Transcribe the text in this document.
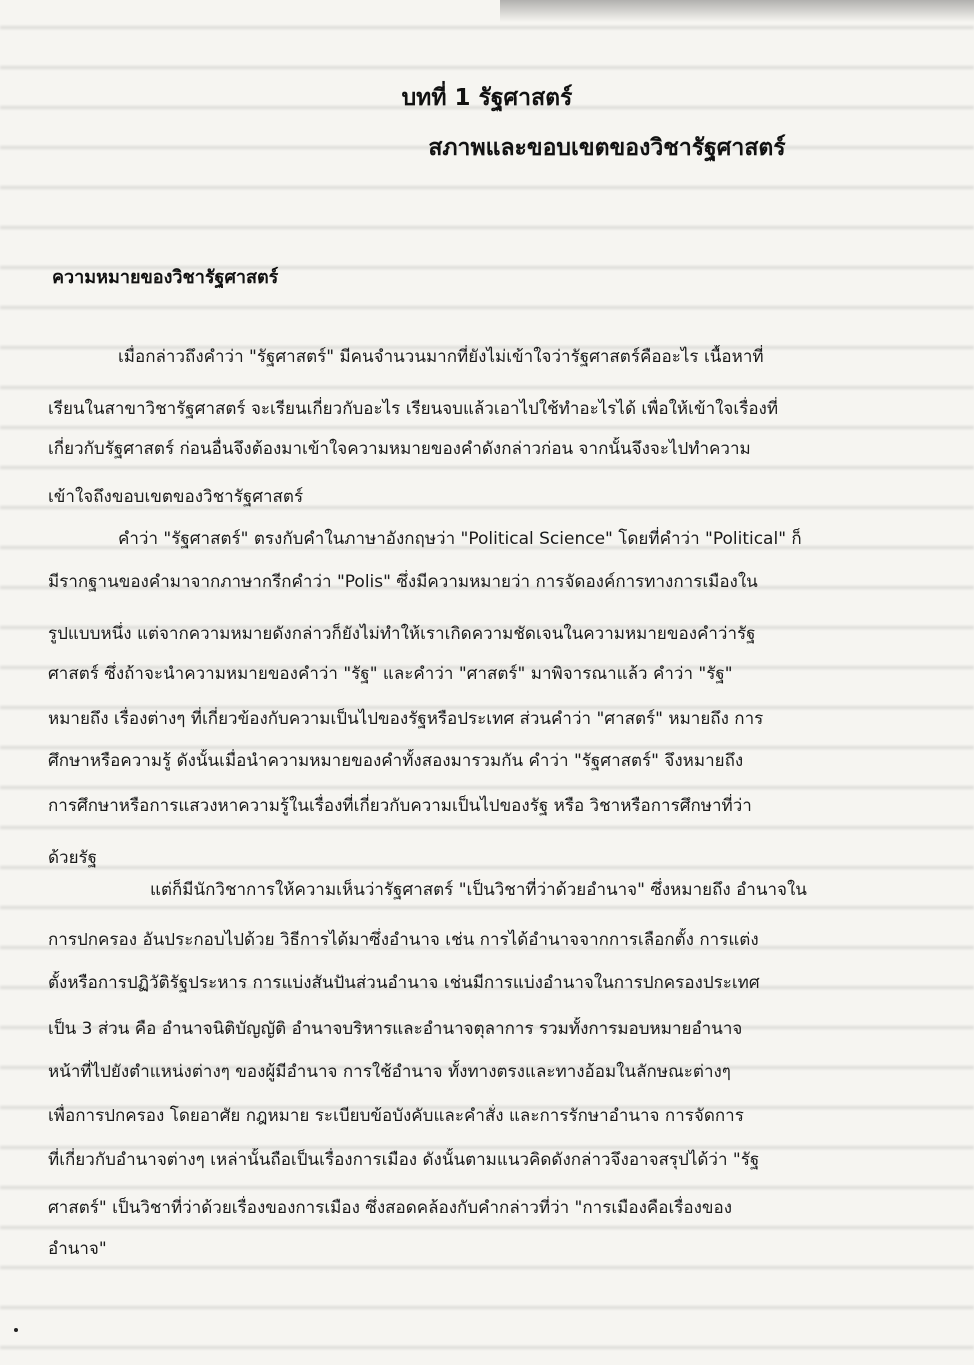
บทที่ 1 รัฐศาสตร์
สภาพและขอบเขตของวิชารัฐศาสตร์
ความหมายของวิชารัฐศาสตร์
เมื่อกล่าวถึงคำว่า "รัฐศาสตร์" มีคนจำนวนมากที่ยังไม่เข้าใจว่ารัฐศาสตร์คืออะไร เนื้อหาที่
เรียนในสาขาวิชารัฐศาสตร์ จะเรียนเกี่ยวกับอะไร เรียนจบแล้วเอาไปใช้ทำอะไรได้ เพื่อให้เข้าใจเรื่องที่
เกี่ยวกับรัฐศาสตร์ ก่อนอื่นจึงต้องมาเข้าใจความหมายของคำดังกล่าวก่อน จากนั้นจึงจะไปทำความ
เข้าใจถึงขอบเขตของวิชารัฐศาสตร์
คำว่า "รัฐศาสตร์" ตรงกับคำในภาษาอังกฤษว่า "Political Science" โดยที่คำว่า "Political" ก็
มีรากฐานของคำมาจากภาษากรีกคำว่า "Polis" ซึ่งมีความหมายว่า การจัดองค์การทางการเมืองใน
รูปแบบหนึ่ง แต่จากความหมายดังกล่าวก็ยังไม่ทำให้เราเกิดความชัดเจนในความหมายของคำว่ารัฐ
ศาสตร์ ซึ่งถ้าจะนำความหมายของคำว่า "รัฐ" และคำว่า "ศาสตร์" มาพิจารณาแล้ว คำว่า "รัฐ"
หมายถึง เรื่องต่างๆ ที่เกี่ยวข้องกับความเป็นไปของรัฐหรือประเทศ ส่วนคำว่า "ศาสตร์" หมายถึง การ
ศึกษาหรือความรู้ ดังนั้นเมื่อนำความหมายของคำทั้งสองมารวมกัน คำว่า "รัฐศาสตร์" จึงหมายถึง
การศึกษาหรือการแสวงหาความรู้ในเรื่องที่เกี่ยวกับความเป็นไปของรัฐ หรือ วิชาหรือการศึกษาที่ว่า
ด้วยรัฐ
แต่ก็มีนักวิชาการให้ความเห็นว่ารัฐศาสตร์ "เป็นวิชาที่ว่าด้วยอำนาจ" ซึ่งหมายถึง อำนาจใน
การปกครอง อันประกอบไปด้วย วิธีการได้มาซึ่งอำนาจ เช่น การได้อำนาจจากการเลือกตั้ง การแต่ง
ตั้งหรือการปฏิวัติรัฐประหาร การแบ่งสันปันส่วนอำนาจ เช่นมีการแบ่งอำนาจในการปกครองประเทศ
เป็น 3 ส่วน คือ อำนาจนิติบัญญัติ อำนาจบริหารและอำนาจตุลาการ รวมทั้งการมอบหมายอำนาจ
หน้าที่ไปยังตำแหน่งต่างๆ ของผู้มีอำนาจ การใช้อำนาจ ทั้งทางตรงและทางอ้อมในลักษณะต่างๆ
เพื่อการปกครอง โดยอาศัย กฎหมาย ระเบียบข้อบังคับและคำสั่ง และการรักษาอำนาจ การจัดการ
ที่เกี่ยวกับอำนาจต่างๆ เหล่านั้นถือเป็นเรื่องการเมือง ดังนั้นตามแนวคิดดังกล่าวจึงอาจสรุปได้ว่า "รัฐ
ศาสตร์" เป็นวิชาที่ว่าด้วยเรื่องของการเมือง ซึ่งสอดคล้องกับคำกล่าวที่ว่า "การเมืองคือเรื่องของ
อำนาจ"
